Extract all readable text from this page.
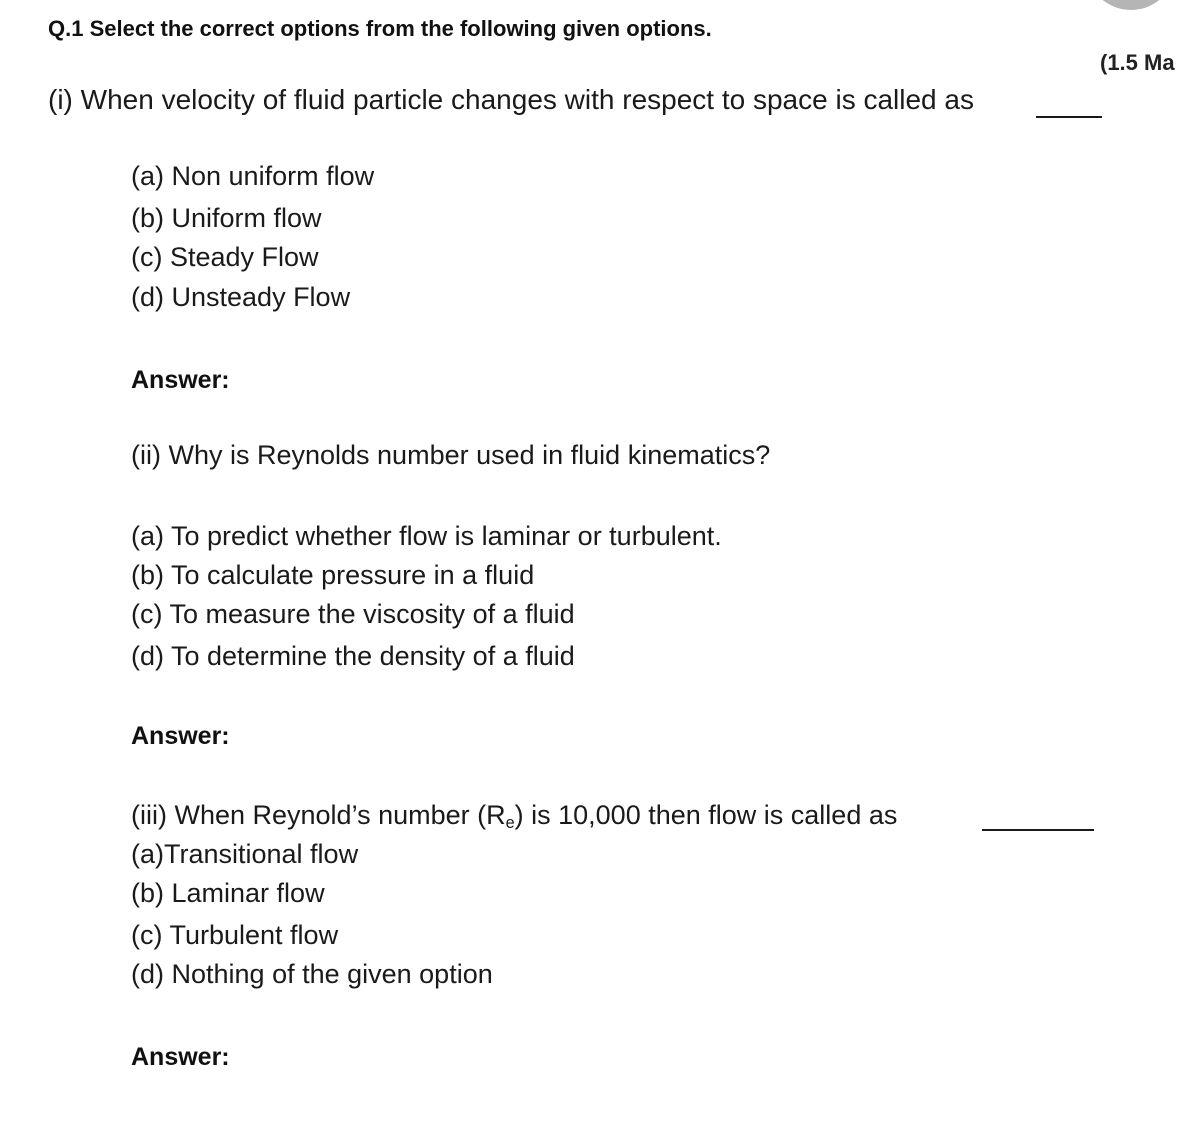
Q.1 Select the correct options from the following given options.
(1.5 Ma
(i) When velocity of fluid particle changes with respect to space is called as
(a) Non uniform flow
(b) Uniform flow
(c) Steady Flow
(d) Unsteady Flow
Answer:
(ii) Why is Reynolds number used in fluid kinematics?
(a) To predict whether flow is laminar or turbulent.
(b) To calculate pressure in a fluid
(c) To measure the viscosity of a fluid
(d) To determine the density of a fluid
Answer:
(iii) When Reynold’s number $(R_e)$ is 10,000 then flow is called as
(a)Transitional flow
(b) Laminar flow
(c) Turbulent flow
(d) Nothing of the given option
Answer:
